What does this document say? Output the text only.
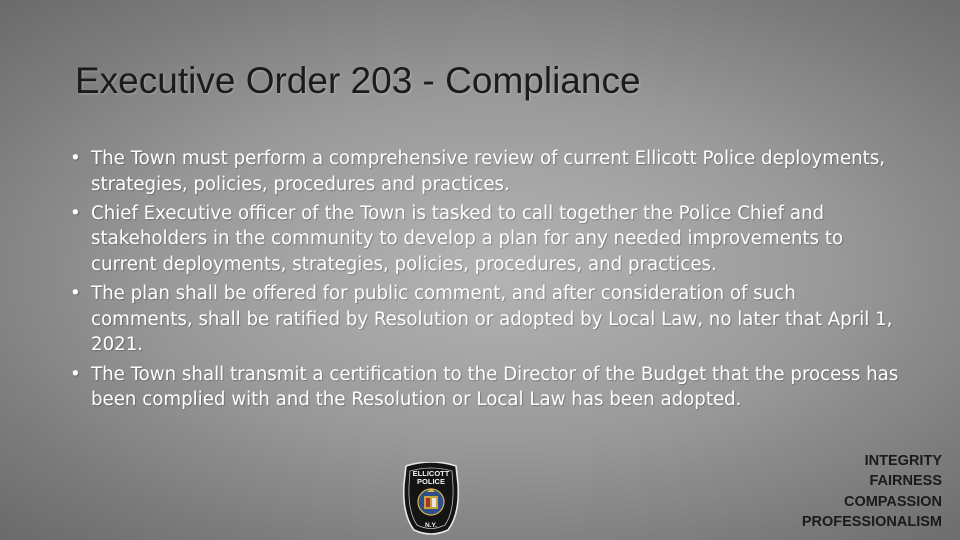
Executive Order 203 - Compliance
• The Town must perform a comprehensive review of current Ellicott Police deployments, strategies, policies, procedures and practices.
• Chief Executive officer of the Town is tasked to call together the Police Chief and stakeholders in the community to develop a plan for any needed improvements to current deployments, strategies, policies, procedures, and practices.
• The plan shall be offered for public comment, and after consideration of such comments, shall be ratified by Resolution or adopted by Local Law, no later that April 1, 2021.
• The Town shall transmit a certification to the Director of the Budget that the process has been complied with and the Resolution or Local Law has been adopted.
ELLICOTT
POLICE
N.Y.
INTEGRITY
FAIRNESS
COMPASSION
PROFESSIONALISM
